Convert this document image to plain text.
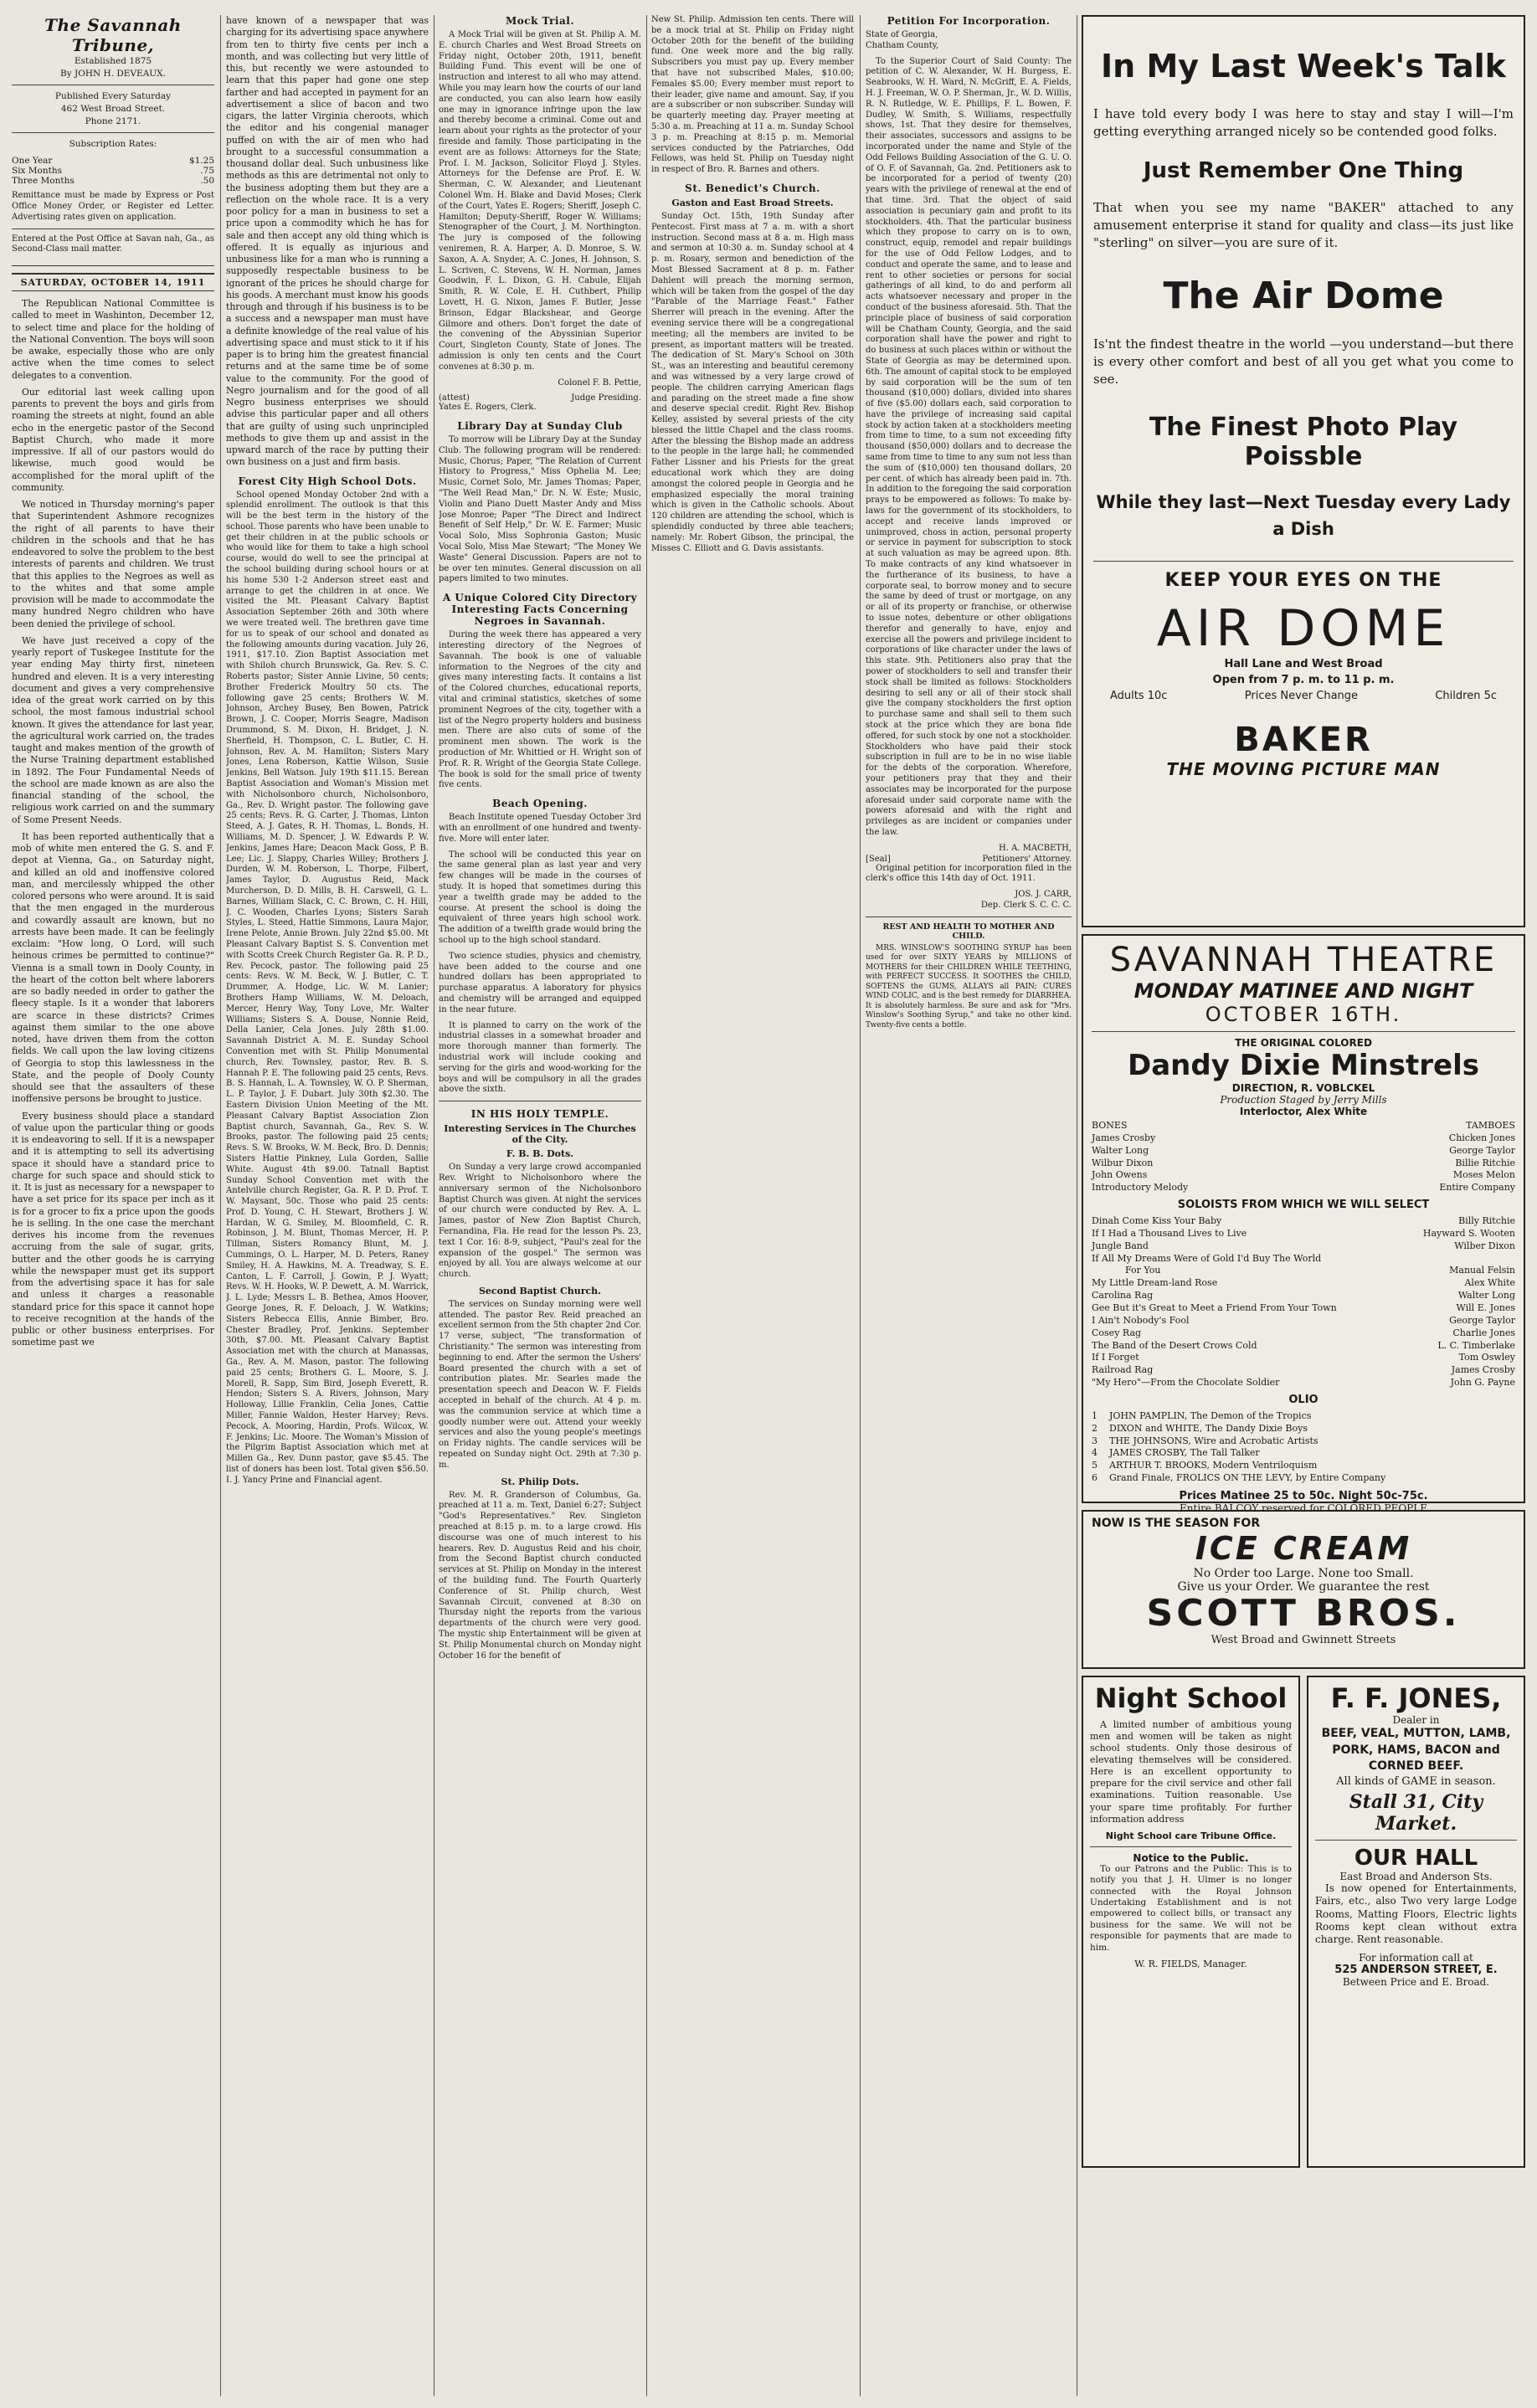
The Savannah Tribune,
Established 1875
By JOHN H. DEVEAUX.
Published Every Saturday
462 West Broad Street.
Phone 2171.
Subscription Rates:
One Year	$1.25
Six Months	.75
Three Months	.50

Remittance must be made by Express or Post Office Money Order, or Register ed Letter. Advertising rates given on application.

Entered at the Post Office at Savan nah, Ga., as Second-Class mail matter.

SATURDAY, OCTOBER 14, 1911

The Republican National Committee is called to meet in Washinton, December 12, to select time and place for the holding of the National Convention. The boys will soon be awake, especially those who are only active when the time comes to select delegates to a convention.

Our editorial last week calling upon parents to prevent the boys and girls from roaming the streets at night, found an able echo in the energetic pastor of the Second Baptist Church, who made it more impressive. If all of our pastors would do likewise, much good would be accomplished for the moral uplift of the community.

We noticed in Thursday morning's paper that Superintendent Ashmore recognizes the right of all parents to have their children in the schools and that he has endeavored to solve the problem to the best interests of parents and children. We trust that this applies to the Negroes as well as to the whites and that some ample provision will be made to accommodate the many hundred Negro children who have been denied the privilege of school.

We have just received a copy of the yearly report of Tuskegee Institute for the year ending May thirty first, nineteen hundred and eleven. It is a very interesting document and gives a very comprehensive idea of the great work carried on by this school, the most famous industrial school known. It gives the attendance for last year, the agricultural work carried on, the trades taught and makes mention of the growth of the Nurse Training department established in 1892. The Four Fundamental Needs of the school are made known as are also the financial standing of the school, the religious work carried on and the summary of Some Present Needs.

It has been reported authentically that a mob of white men entered the G. S. and F. depot at Vienna, Ga., on Saturday night, and killed an old and inoffensive colored man, and mercilessly whipped the other colored persons who were around. It is said that the men engaged in the murderous and cowardly assault are known, but no arrests have been made. It can be feelingly exclaim: "How long, O Lord, will such heinous crimes be permitted to continue?" Vienna is a small town in Dooly County, in the heart of the cotton belt where laborers are so badly needed in order to gather the fleecy staple. Is it a wonder that laborers are scarce in these districts? Crimes against them similar to the one above noted, have driven them from the cotton fields. We call upon the law loving citizens of Georgia to stop this lawlessness in the State, and the people of Dooly County should see that the assaulters of these inoffensive persons be brought to justice.

Every business should place a standard of value upon the particular thing or goods it is endeavoring to sell. If it is a newspaper and it is attempting to sell its advertising space it should have a standard price to charge for such space and should stick to it. It is just as necessary for a newspaper to have a set price for its space per inch as it is for a grocer to fix a price upon the goods he is selling. In the one case the merchant derives his income from the revenues accruing from the sale of sugar, grits, butter and the other goods he is carrying while the newspaper must get its support from the advertising space it has for sale and unless it charges a reasonable standard price for this space it cannot hope to receive recognition at the hands of the public or other business enterprises. For sometime past we

have known of a newspaper that was charging for its advertising space anywhere from ten to thirty five cents per inch a month, and was collecting but very little of this, but recently we were astounded to learn that this paper had gone one step farther and had accepted in payment for an advertisement a slice of bacon and two cigars, the latter Virginia cheroots, which the editor and his congenial manager puffed on with the air of men who had brought to a successful consummation a thousand dollar deal. Such unbusiness like methods as this are detrimental not only to the business adopting them but they are a reflection on the whole race. It is a very poor policy for a man in business to set a price upon a commodity which he has for sale and then accept any old thing which is offered. It is equally as injurious and unbusiness like for a man who is running a supposedly respectable business to be ignorant of the prices he should charge for his goods. A merchant must know his goods through and through if his business is to be a success and a newspaper man must have a definite knowledge of the real value of his advertising space and must stick to it if his paper is to bring him the greatest financial returns and at the same time be of some value to the community. For the good of Negro journalism and for the good of all Negro business enterprises we should advise this particular paper and all others that are guilty of using such unprincipled methods to give them up and assist in the upward march of the race by putting their own business on a just and firm basis.

Forest City High School Dots.

School opened Monday October 2nd with a splendid enrollment. The outlook is that this will be the best term in the history of the school. Those parents who have been unable to get their children in at the public schools or who would like for them to take a high school course, would do well to see the principal at the school building during school hours or at his home 530 1-2 Anderson street east and arrange to get the children in at once. We visited the Mt. Pleasant Calvary Baptist Association September 26th and 30th where we were treated well. The brethren gave time for us to speak of our school and donated as the following amounts during vacation. July 26, 1911, $17.10. Zion Baptist Association met with Shiloh church Brunswick, Ga. Rev. S. C. Roberts pastor; Sister Annie Livine, 50 cents; Brother Frederick Moultry 50 cts. The following gave 25 cents; Brothers W. M. Johnson, Archey Busey, Ben Bowen, Patrick Brown, J. C. Cooper, Morris Seagre, Madison Drummond, S. M. Dixon, H. Bridget, J. N. Sherfield, H. Thompson, C. L. Butler, C. H. Johnson, Rev. A. M. Hamilton; Sisters Mary Jones, Lena Roberson, Kattie Wilson, Susie Jenkins, Bell Watson. July 19th $11.15. Berean Baptist Association and Woman's Mission met with Nicholsonboro church, Nicholsonboro, Ga., Rev. D. Wright pastor. The following gave 25 cents; Revs. R. G. Carter, J. Thomas, Linton Steed, A. J. Gates, R. H. Thomas, L. Bonds, H. Williams, M. D. Spencer, J. W. Edwards P. W. Jenkins, James Hare; Deacon Mack Goss, P. B. Lee; Lic. J. Slappy, Charles Willey; Brothers J. Durden, W. M. Roberson, L. Thorpe, Filbert, James Taylor, D. Augustus Reid, Mack Murcherson, D. D. Mills, B. H. Carswell, G. L. Barnes, William Slack, C. C. Brown, C. H. Hill, J. C. Wooden, Charles Lyons; Sisters Sarah Styles, L. Steed, Hattie Simmons, Laura Major, Irene Pelote, Annie Brown. July 22nd $5.00. Mt Pleasant Calvary Baptist S. S. Convention met with Scotts Creek Church Register Ga. R. P. D., Rev. Pecock, pastor. The following paid 25 cents: Revs. W. M. Beck, W. J. Butler, C. T. Drummer, A. Hodge, Lic. W. M. Lanier; Brothers Hamp Williams, W. M. Deloach, Mercer, Henry Way, Tony Love, Mr. Walter Williams; Sisters S. A. Douse, Nonnie Reid, Della Lanier, Cela Jones. July 28th $1.00. Savannah District A. M. E. Sunday School Convention met with St. Philip Monumental church, Rev. Townsley, pastor, Rev. B. S. Hannah P. E. The following paid 25 cents, Revs. B. S. Hannah, L. A. Townsley, W. O. P. Sherman, L. P. Taylor, J. F. Dubart. July 30th $2.30. The Eastern Division Union Meeting of the Mt. Pleasant Calvary Baptist Association Zion Baptist church, Savannah, Ga., Rev. S. W. Brooks, pastor. The following paid 25 cents; Revs. S. W. Brooks, W. M. Beck, Bro. D. Dennis; Sisters Hattie Pinkney, Lula Gorden, Sallie White. August 4th $9.00. Tatnall Baptist Sunday School Convention met with the Antelville church Register, Ga. R. P. D. Prof. T. W. Maysant, 50c. Those who paid 25 cents: Prof. D. Young, C. H. Stewart, Brothers J. W. Hardan, W. G. Smiley, M. Bloomfield, C. R. Robinson, J. M. Blunt, Thomas Mercer, H. P. Tillman, Sisters Romancy Blunt, M. J. Cummings, O. L. Harper, M. D. Peters, Raney Smiley, H. A. Hawkins, M. A. Treadway, S. E. Canton, L. F. Carroll, J. Gowin, P. J. Wyatt; Revs. W. H. Hooks, W. P. Dewett, A. M. Warrick, J. L. Lyde; Messrs L. B. Bethea, Amos Hoover, George Jones, R. F. Deloach, J. W. Watkins; Sisters Rebecca Ellis, Annie Bimber, Bro. Chester Bradley, Prof. Jenkins. September 30th, $7.00. Mt. Pleasant Calvary Baptist Association met with the church at Manassas, Ga., Rev. A. M. Mason, pastor. The following paid 25 cents; Brothers G. L. Moore, S. J. Morell, R. Sapp, Sim Bird, Joseph Everett, R. Hendon; Sisters S. A. Rivers, Johnson, Mary Holloway, Lillie Franklin, Celia Jones, Cattie Miller, Fannie Waldon, Hester Harvey; Revs. Pecock, A. Mooring, Hardin, Profs. Wilcox, W. F. Jenkins; Lic. Moore. The Woman's Mission of the Pilgrim Baptist Association which met at Millen Ga., Rev. Dunn pastor, gave $5.45. The list of doners has been lost. Total given $56.50. I. J. Yancy Prine and Financial agent.

Mock Trial.

A Mock Trial will be given at St. Philip A. M. E. church Charles and West Broad Streets on Friday night, October 20th, 1911, benefit Building Fund. This event will be one of instruction and interest to all who may attend. While you may learn how the courts of our land are conducted, you can also learn how easily one may in ignorance infringe upon the law and thereby become a criminal. Come out and learn about your rights as the protector of your fireside and family. Those participating in the event are as follows: Attorneys for the State; Prof. I. M. Jackson, Solicitor Floyd J. Styles. Attorneys for the Defense are Prof. E. W. Sherman, C. W. Alexander, and Lieutenant Colonel Wm. H. Blake and David Moses; Clerk of the Court, Yates E. Rogers; Sheriff, Joseph C. Hamilton; Deputy-Sheriff, Roger W. Williams; Stenographer of the Court, J. M. Northington. The jury is composed of the following veniremen, R. A. Harper, A. D. Monroe, S. W. Saxon, A. A. Snyder, A. C. Jones, H. Johnson, S. L. Scriven, C. Stevens, W. H. Norman, James Goodwin, F. L. Dixon, G. H. Cabule, Elijah Smith, R. W. Cole, E. H. Cuthbert, Philip Lovett, H. G. Nixon, James F. Butler, Jesse Brinson, Edgar Blackshear, and George Gilmore and others. Don't forget the date of the convening of the Abyssinian Superior Court, Singleton County, State of Jones. The admission is only ten cents and the Court convenes at 8:30 p. m.

Colonel F. B. Pettie,

(attest)	Judge Presiding.

Yates E. Rogers, Clerk.

Library Day at Sunday Club

To morrow will be Library Day at the Sunday Club. The following program will be rendered: Music, Chorus; Paper, "The Relation of Current History to Progress," Miss Ophelia M. Lee; Music, Cornet Solo, Mr. James Thomas; Paper, "The Well Read Man," Dr. N. W. Este; Music, Violin and Piano Duett Master Andy and Miss Jose Monroe; Paper "The Direct and Indirect Benefit of Self Help," Dr. W. E. Farmer; Music Vocal Solo, Miss Sophronia Gaston; Music Vocal Solo, Miss Mae Stewart; "The Money We Waste" General Discussion. Papers are not to be over ten minutes. General discussion on all papers limited to two minutes.

A Unique Colored City Directory Interesting Facts Concerning Negroes in Savannah.

During the week there has appeared a very interesting directory of the Negroes of Savannah. The book is one of valuable information to the Negroes of the city and gives many interesting facts. It contains a list of the Colored churches, educational reports, vital and criminal statistics, sketches of some prominent Negroes of the city, together with a list of the Negro property holders and business men. There are also cuts of some of the prominent men shown. The work is the production of Mr. Whittied or H. Wright son of Prof. R. R. Wright of the Georgia State College. The book is sold for the small price of twenty five cents.

Beach Opening.

Beach Institute opened Tuesday October 3rd with an enrollment of one hundred and twenty-five. More will enter later.

The school will be conducted this year on the same general plan as last year and very few changes will be made in the courses of study. It is hoped that sometimes during this year a twelfth grade may be added to the course. At present the school is doing the equivalent of three years high school work. The addition of a twelfth grade would bring the school up to the high school standard.

Two science studies, physics and chemistry, have been added to the course and one hundred dollars has been appropriated to purchase apparatus. A laboratory for physics and chemistry will be arranged and equipped in the near future.

It is planned to carry on the work of the industrial classes in a somewhat broader and more thorough manner than formerly. The industrial work will include cooking and serving for the girls and wood-working for the boys and will be compulsory in all the grades above the sixth.

IN HIS HOLY TEMPLE.
Interesting Services in The Churches of the City.
F. B. B. Dots.

On Sunday a very large crowd accompanied Rev. Wright to Nicholsonboro where the anniversary sermon of the Nicholsonboro Baptist Church was given. At night the services of our church were conducted by Rev. A. L. James, pastor of New Zion Baptist Church, Fernandina, Fla. He read for the lesson Ps. 23, text 1 Cor. 16: 8-9, subject, "Paul's zeal for the expansion of the gospel." The sermon was enjoyed by all. You are always welcome at our church.

Second Baptist Church.

The services on Sunday morning were well attended. The pastor Rev. Reid preached an excellent sermon from the 5th chapter 2nd Cor. 17 verse, subject, "The transformation of Christianity." The sermon was interesting from beginning to end. After the sermon the Ushers' Board presented the church with a set of contribution plates. Mr. Searles made the presentation speech and Deacon W. F. Fields accepted in behalf of the church. At 4 p. m. was the communion service at which time a goodly number were out. Attend your weekly services and also the young people's meetings on Friday nights. The candle services will be repeated on Sunday night Oct. 29th at 7:30 p. m.

St. Philip Dots.

Rev. M. R. Granderson of Columbus, Ga. preached at 11 a. m. Text, Daniel 6:27; Subject "God's Representatives." Rev. Singleton preached at 8:15 p. m. to a large crowd. His discourse was one of much interest to his hearers. Rev. D. Augustus Reid and his choir, from the Second Baptist church conducted services at St. Philip on Monday in the interest of the building fund. The Fourth Quarterly Conference of St. Philip church, West Savannah Circuit, convened at 8:30 on Thursday night the reports from the various departments of the church were very good. The mystic ship Entertainment will be given at St. Philip Monumental church on Monday night October 16 for the benefit of

New St. Philip. Admission ten cents. There will be a mock trial at St. Philip on Friday night October 20th for the benefit of the building fund. One week more and the big rally. Subscribers you must pay up. Every member that have not subscribed Males, $10.00; Females $5.00; Every member must report to their leader, give name and amount. Say, if you are a subscriber or non subscriber. Sunday will be quarterly meeting day. Prayer meeting at 5:30 a. m. Preaching at 11 a. m. Sunday School 3 p. m. Preaching at 8:15 p. m. Memorial services conducted by the Patriarches, Odd Fellows, was held St. Philip on Tuesday night in respect of Bro. R. Barnes and others.

St. Benedict's Church.
Gaston and East Broad Streets.

Sunday Oct. 15th, 19th Sunday after Pentecost. First mass at 7 a. m. with a short instruction. Second mass at 8 a. m. High mass and sermon at 10:30 a. m. Sunday school at 4 p. m. Rosary, sermon and benediction of the Most Blessed Sacrament at 8 p. m. Father Dahlent will preach the morning sermon, which will be taken from the gospel of the day "Parable of the Marriage Feast." Father Sherrer will preach in the evening. After the evening service there will be a congregational meeting; all the members are invited to be present, as important matters will be treated. The dedication of St. Mary's School on 30th St., was an interesting and beautiful ceremony and was witnessed by a very large crowd of people. The children carrying American flags and parading on the street made a fine show and deserve special credit. Right Rev. Bishop Kelley, assisted by several priests of the city blessed the little Chapel and the class rooms. After the blessing the Bishop made an address to the people in the large hall; he commended Father Lissner and his Priests for the great educational work which they are doing amongst the colored people in Georgia and he emphasized especially the moral training which is given in the Catholic schools. About 120 children are attending the school, which is splendidly conducted by three able teachers; namely: Mr. Robert Gibson, the principal, the Misses C. Elliott and G. Davis assistants.

Petition For Incorporation.

State of Georgia,

Chatham County,

To the Superior Court of Said County: The petition of C. W. Alexander, W. H. Burgess, E. Seabrooks, W. H. Ward, N. McGriff, E. A. Fields, H. J. Freeman, W. O. P. Sherman, Jr., W. D. Willis, R. N. Rutledge, W. E. Phillips, F. L. Bowen, F. Dudley, W. Smith, S. Williams, respectfully shows, 1st. That they desire for themselves, their associates, successors and assigns to be incorporated under the name and Style of the Odd Fellows Building Association of the G. U. O. of O. F. of Savannah, Ga. 2nd. Petitioners ask to be incorporated for a period of twenty (20) years with the privilege of renewal at the end of that time. 3rd. That the object of said association is pecuniary gain and profit to its stockholders. 4th. That the particular business which they propose to carry on is to own, construct, equip, remodel and repair buildings for the use of Odd Fellow Lodges, and to conduct and operate the same, and to lease and rent to other societies or persons for social gatherings of all kind, to do and perform all acts whatsoever necessary and proper in the conduct of the business aforesaid. 5th. That the principle place of business of said corporation will be Chatham County, Georgia, and the said corporation shall have the power and right to do business at such places within or without the State of Georgia as may be determined upon. 6th. The amount of capital stock to be employed by said corporation will be the sum of ten thousand ($10,000) dollars, divided into shares of five ($5.00) dollars each, said corporation to have the privilege of increasing said capital stock by action taken at a stockholders meeting from time to time, to a sum not exceeding fifty thousand ($50,000) dollars and to decrease the same from time to time to any sum not less than the sum of ($10,000) ten thousand dollars, 20 per cent. of which has already been paid in. 7th. In addition to the foregoing the said corporation prays to be empowered as follows: To make by-laws for the government of its stockholders, to accept and receive lands improved or unimproved, choss in action, personal property or service in payment for subscription to stock at such valuation as may be agreed upon. 8th. To make contracts of any kind whatsoever in the furtherance of its business, to have a corporate seal, to borrow money and to secure the same by deed of trust or mortgage, on any or all of its property or franchise, or otherwise to issue notes, debenture or other obligations therefor and generally to have, enjoy and exercise all the powers and privilege incident to corporations of like character under the laws of this state. 9th. Petitioners also pray that the power of stockholders to sell and transfer their stock shall be limited as follows: Stockholders desiring to sell any or all of their stock shall give the company stockholders the first option to purchase same and shall sell to them such stock at the price which they are bona fide offered, for such stock by one not a stockholder. Stockholders who have paid their stock subscription in full are to be in no wise liable for the debts of the corporation. Wherefore, your petitioners pray that they and their associates may be incorporated for the purpose aforesaid under said corporate name with the powers aforesaid and with the right and privileges as are incident or companies under the law.

H. A. MACBETH,

[Seal]	Petitioners' Attorney.

Original petition for incorporation filed in the clerk's office this 14th day of Oct. 1911.

JOS. J. CARR,

Dep. Clerk S. C. C. C.

REST AND HEALTH TO MOTHER AND CHILD.

MRS. WINSLOW'S SOOTHING SYRUP has been used for over SIXTY YEARS by MILLIONS of MOTHERS for their CHILDREN WHILE TEETHING, with PERFECT SUCCESS. It SOOTHES the CHILD, SOFTENS the GUMS, ALLAYS all PAIN; CURES WIND COLIC, and is the best remedy for DIARRHEA. It is absolutely harmless. Be sure and ask for "Mrs. Winslow's Soothing Syrup," and take no other kind. Twenty-five cents a bottle.

In My Last Week's Talk

I have told every body I was here to stay and stay I will—I'm getting everything arranged nicely so be contended good folks.

Just Remember One Thing

That when you see my name "BAKER" attached to any amusement enterprise it stand for quality and class—its just like "sterling" on silver—you are sure of it.

The Air Dome

Is'nt the findest theatre in the world —you understand—but there is every other comfort and best of all you get what you come to see.

The Finest Photo Play Poissble
While they last—Next Tuesday every Lady a Dish
KEEP YOUR EYES ON THE
AIR DOME
Hall Lane and West Broad
Open from 7 p. m. to 11 p. m.
Adults 10c	Prices Never Change	Children 5c
BAKER
THE MOVING PICTURE MAN
SAVANNAH THEATRE
MONDAY MATINEE AND NIGHT
OCTOBER 16TH.
THE ORIGINAL COLORED
Dandy Dixie Minstrels
DIRECTION, R. VOBLCKEL
Production Staged by Jerry Mills
Interloctor, Alex White
BONES	TAMBOES
James Crosby	Chicken Jones
Walter Long	George Taylor
Wilbur Dixon	Billie Ritchie
John Owens	Moses Melon
Introductory Melody	Entire Company
SOLOISTS FROM WHICH WE WILL SELECT
Dinah Come Kiss Your Baby	Billy Ritchie
If I Had a Thousand Lives to Live	Hayward S. Wooten
Jungle Band	Wilber Dixon
If All My Dreams Were of Gold I'd Buy The World
For You	Manual Felsin
My Little Dream-land Rose	Alex White
Carolina Rag	Walter Long
Gee But it's Great to Meet a Friend From Your Town	Will E. Jones
I Ain't Nobody's Fool	George Taylor
Cosey Rag	Charlie Jones
The Band of the Desert Crows Cold	L. C. Timberlake
If I Forget	Tom Oswley
Railroad Rag	James Crosby
"My Hero"—From the Chocolate Soldier	John G. Payne
OLIO
1 JOHN PAMPLIN, The Demon of the Tropics
2 DIXON and WHITE, The Dandy Dixie Boys
3 THE JOHNSONS, Wire and Acrobatic Artists
4 JAMES CROSBY, The Tall Talker
5 ARTHUR T. BROOKS, Modern Ventriloquism
6 Grand Finale, FROLICS ON THE LEVY, by Entire Company
Prices Matinee 25 to 50c. Night 50c-75c.
Entire BALCOY reserved for COLORED PEOPLE
NOW IS THE SEASON FOR
ICE CREAM
No Order too Large. None too Small.
Give us your Order. We guarantee the rest
SCOTT BROS.
West Broad and Gwinnett Streets
Night School

A limited number of ambitious young men and women will be taken as night school students. Only those desirous of elevating themselves will be considered. Here is an excellent opportunity to prepare for the civil service and other fall examinations. Tuition reasonable. Use your spare time profitably. For further information address

Night School care Tribune Office.
Notice to the Public.

To our Patrons and the Public: This is to notify you that J. H. Ulmer is no longer connected with the Royal Johnson Undertaking Establishment and is not empowered to collect bills, or transact any business for the same. We will not be responsible for payments that are made to him.

W. R. FIELDS, Manager.
F. F. JONES,
Dealer in
BEEF, VEAL, MUTTON, LAMB, PORK, HAMS, BACON and CORNED BEEF.
All kinds of GAME in season.
Stall 31, City Market.
OUR HALL
East Broad and Anderson Sts.

Is now opened for Entertainments, Fairs, etc., also Two very large Lodge Rooms, Matting Floors, Electric lights Rooms kept clean without extra charge. Rent reasonable.

For information call at
525 ANDERSON STREET, E.
Between Price and E. Broad.
